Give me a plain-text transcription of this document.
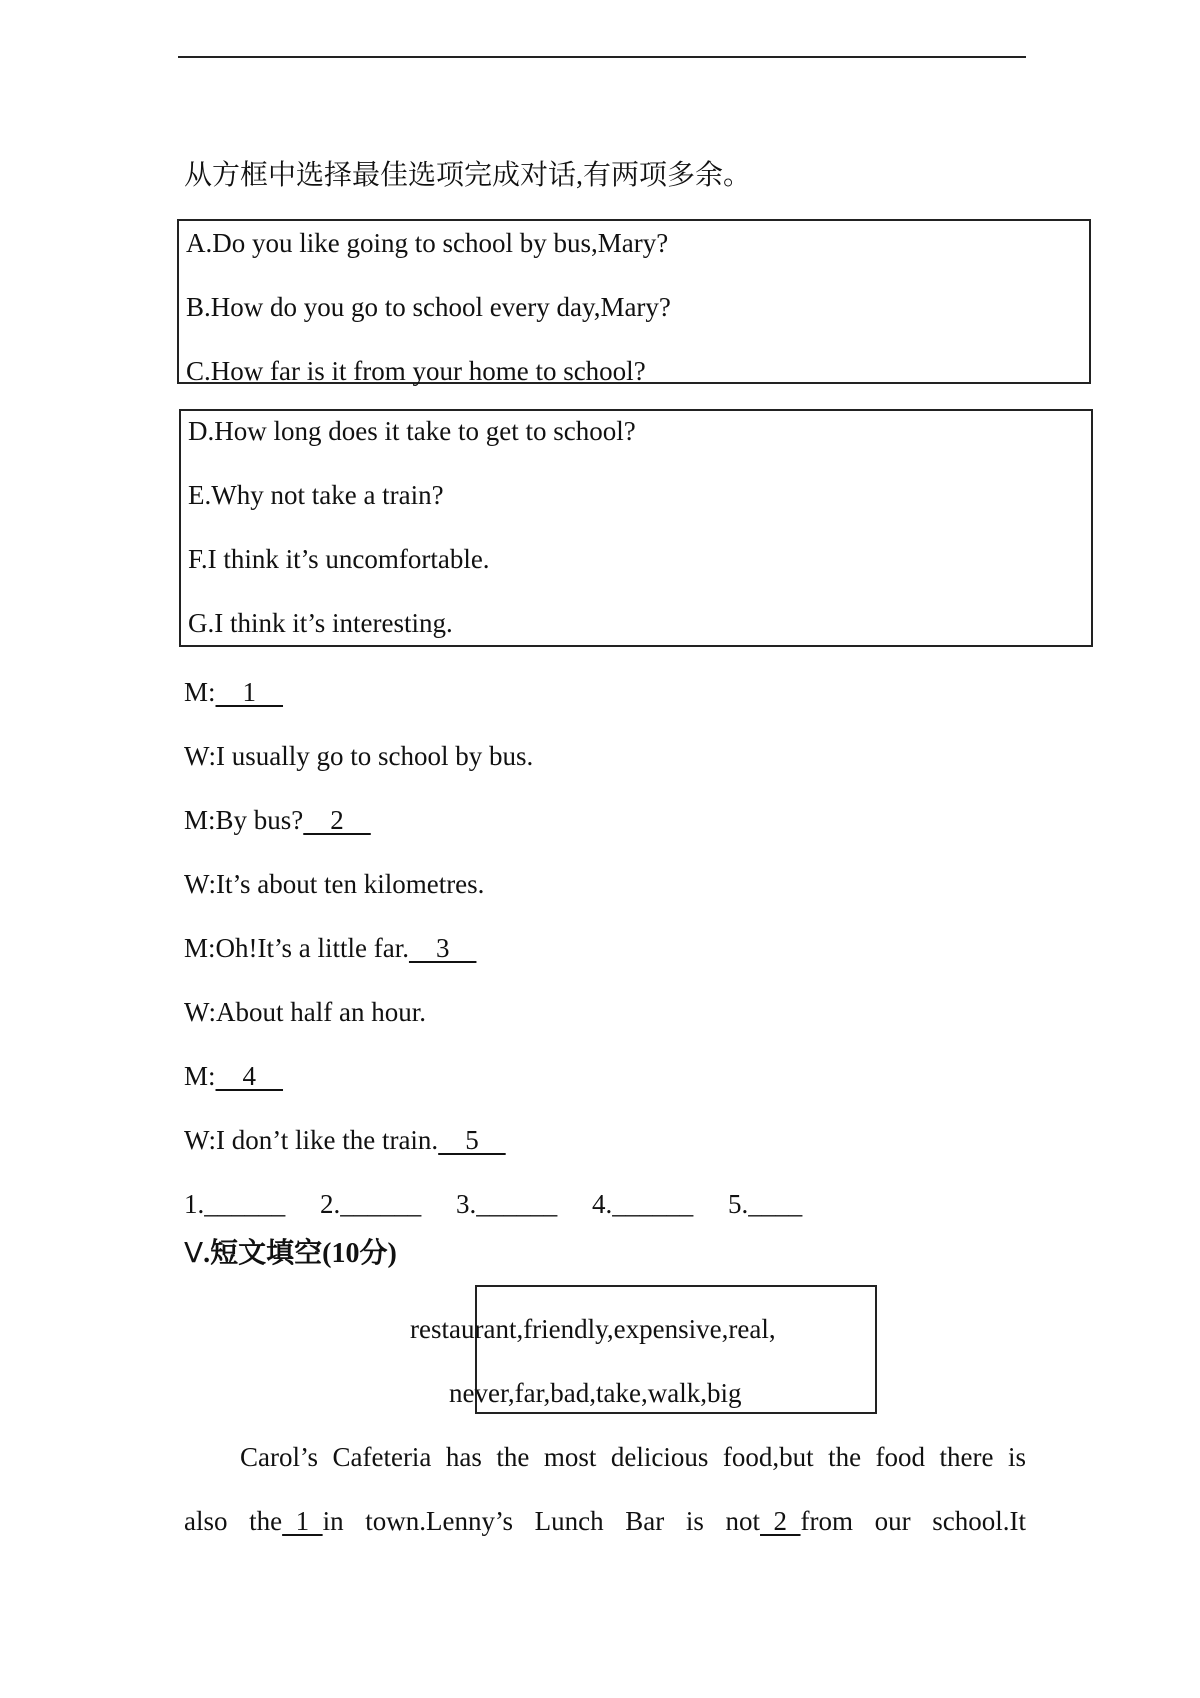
从方框中选择最佳选项完成对话,有两项多余。
A.Do you like going to school by bus,Mary?
B.How do you go to school every day,Mary?
C.How far is it from your home to school?
D.How long does it take to get to school?
E.Why not take a train?
F.I think it’s uncomfortable.
G.I think it’s interesting.
M:    1
W:I usually go to school by bus.
M:By bus?    2
W:It’s about ten kilometres.
M:Oh!It’s a little far.    3
W:About half an hour.
M:    4
W:I don’t like the train.    5
1.______ 2.______ 3.______ 4.______ 5.____
Ⅴ.短文填空(10分)
restaurant,friendly,expensive,real,
never,far,bad,take,walk,big
Carol’s Cafeteria has the most delicious food,but the food there is
also the  1  in town.Lenny’s Lunch Bar is not  2  from our school.It
